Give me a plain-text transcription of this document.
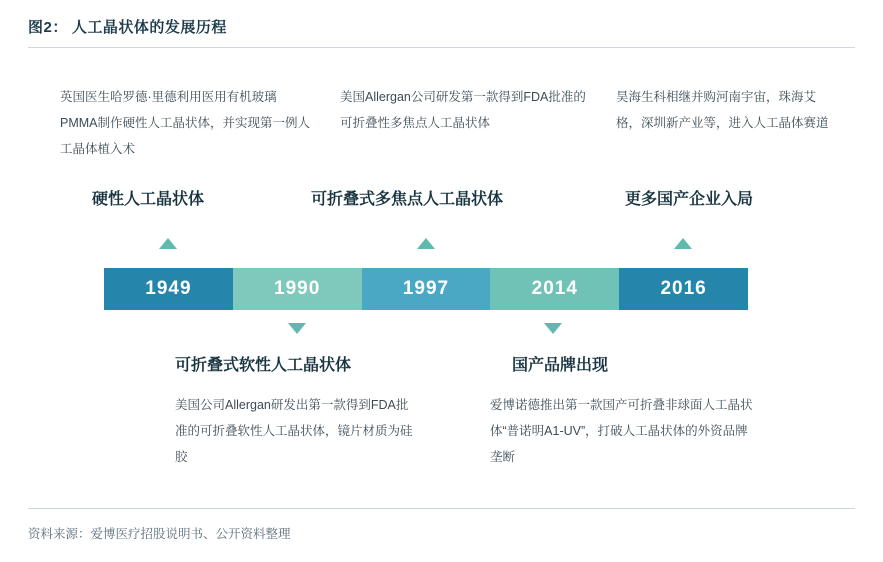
图2： 人工晶状体的发展历程
英国医生哈罗德·里德利用医用有机玻璃PMMA制作硬性人工晶状体，并实现第一例人工晶体植入术
美国Allergan公司研发第一款得到FDA批准的可折叠性多焦点人工晶状体
昊海生科相继并购河南宇宙，珠海艾格，深圳新产业等，进入人工晶体赛道
硬性人工晶状体	可折叠式多焦点人工晶状体	更多国产企业入局
1949	1990	1997	2014	2016
可折叠式软性人工晶状体	国产品牌出现
美国公司Allergan研发出第一款得到FDA批准的可折叠软性人工晶状体，镜片材质为硅胶
爱博诺德推出第一款国产可折叠非球面人工晶状体“普诺明A1-UV”，打破人工晶状体的外资品牌垄断
资料来源：爱博医疗招股说明书、公开资料整理
